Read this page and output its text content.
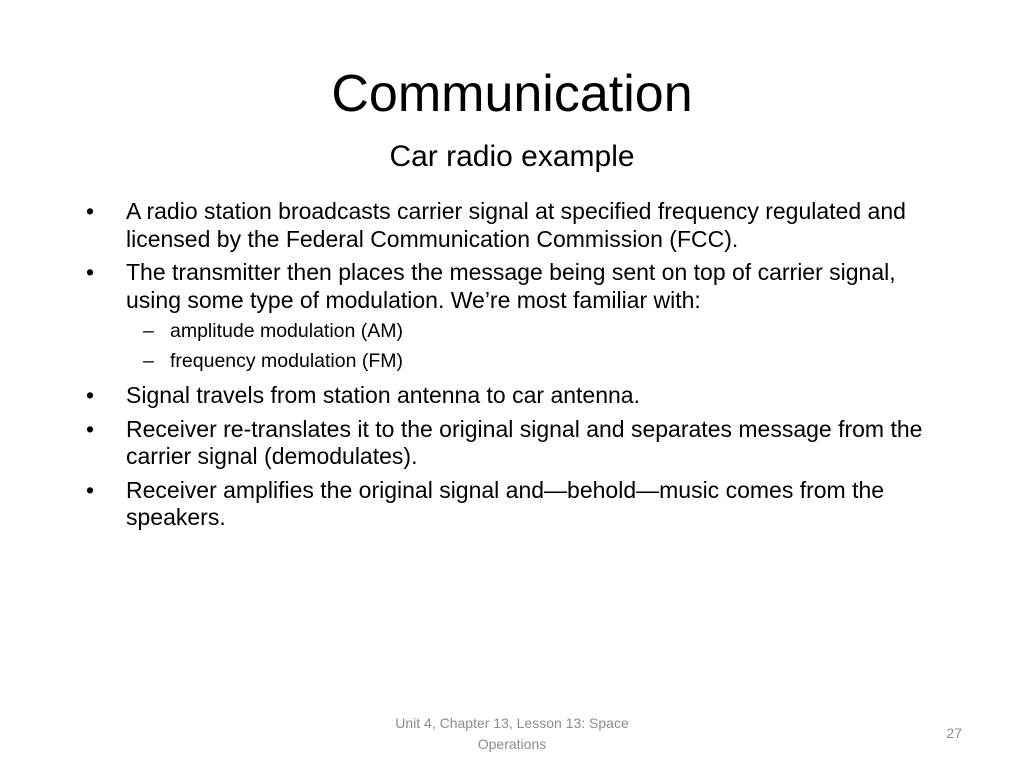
Communication
Car radio example
•	A radio station broadcasts carrier signal at specified frequency regulated and licensed by the Federal Communication Commission (FCC).
•	The transmitter then places the message being sent on top of carrier signal, using some type of modulation. We’re most familiar with:
– amplitude modulation (AM)
– frequency modulation (FM)
•	Signal travels from station antenna to car antenna.
•	Receiver re-translates it to the original signal and separates message from the carrier signal (demodulates).
•	Receiver amplifies the original signal and—behold—music comes from the speakers.
Unit 4, Chapter 13, Lesson 13: Space Operations
27
